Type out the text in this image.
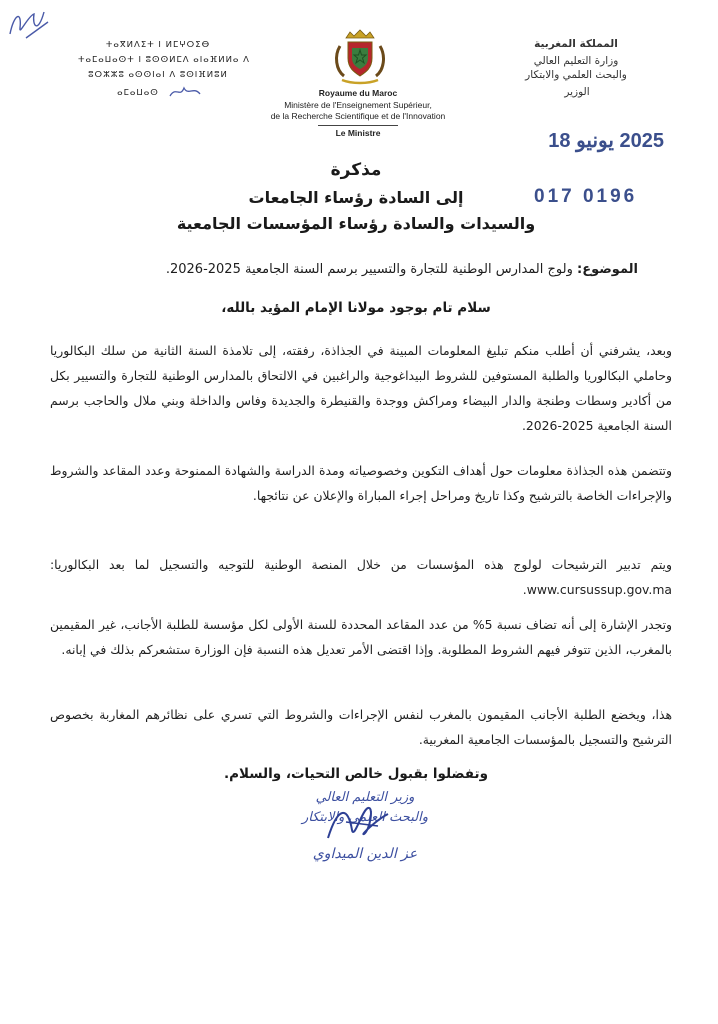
ⵜⴰⴳⵍⴷⵉⵜ ⵏ ⵍⵎⵖⵔⵉⴱ
ⵜⴰⵎⴰⵡⴰⵙⵜ ⵏ ⵓⵙⵙⵍⵎⴷ ⴰⵏⴰⴼⵍⵍⴰ ⴷ
ⵓⵔⵣⵣⵓ ⴰⵙⵙⵏⴰⵏ ⴷ ⵓⵙⵏⴼⵍⵓⵍ
ⴰⵎⴰⵡⴰⵙ	Royaume du Maroc
Ministère de l'Enseignement Supérieur,
de la Recherche Scientifique et de l'Innovation
Le Ministre
المملكة المغربية
وزارة التعليم العالي
والبحث العلمي والابتكار
الوزير
2025 يونيو 18
017 0196
مذكرة
إلى السادة رؤساء الجامعات
والسيدات والسادة رؤساء المؤسسات الجامعية
الموضوع: ولوج المدارس الوطنية للتجارة والتسيير برسم السنة الجامعية 2025-2026.
سلام تام بوجود مولانا الإمام المؤيد بالله،
وبعد، يشرفني أن أطلب منكم تبليغ المعلومات المبينة في الجذاذة، رفقته، إلى تلامذة السنة الثانية من سلك البكالوريا وحاملي البكالوريا والطلبة المستوفين للشروط البيداغوجية والراغبين في الالتحاق بالمدارس الوطنية للتجارة والتسيير بكل من أكادير وسطات وطنجة والدار البيضاء ومراكش ووجدة والقنيطرة والجديدة وفاس والداخلة وبني ملال والحاجب برسم السنة الجامعية 2025-2026.
وتتضمن هذه الجذاذة معلومات حول أهداف التكوين وخصوصياته ومدة الدراسة والشهادة الممنوحة وعدد المقاعد والشروط والإجراءات الخاصة بالترشيح وكذا تاريخ ومراحل إجراء المباراة والإعلان عن نتائجها.
ويتم تدبير الترشيحات لولوج هذه المؤسسات من خلال المنصة الوطنية للتوجيه والتسجيل لما بعد البكالوريا: www.cursussup.gov.ma.
وتجدر الإشارة إلى أنه تضاف نسبة 5% من عدد المقاعد المحددة للسنة الأولى لكل مؤسسة للطلبة الأجانب، غير المقيمين بالمغرب، الذين تتوفر فيهم الشروط المطلوبة. وإذا اقتضى الأمر تعديل هذه النسبة فإن الوزارة ستشعركم بذلك في إبانه.
هذا، ويخضع الطلبة الأجانب المقيمون بالمغرب لنفس الإجراءات والشروط التي تسري على نظائرهم المغاربة بخصوص الترشيح والتسجيل بالمؤسسات الجامعية المغربية.
وتفضلوا بقبول خالص التحيات، والسلام.
وزير التعليم العالي
والبحث العلمي والابتكار
عز الدين الميداوي
